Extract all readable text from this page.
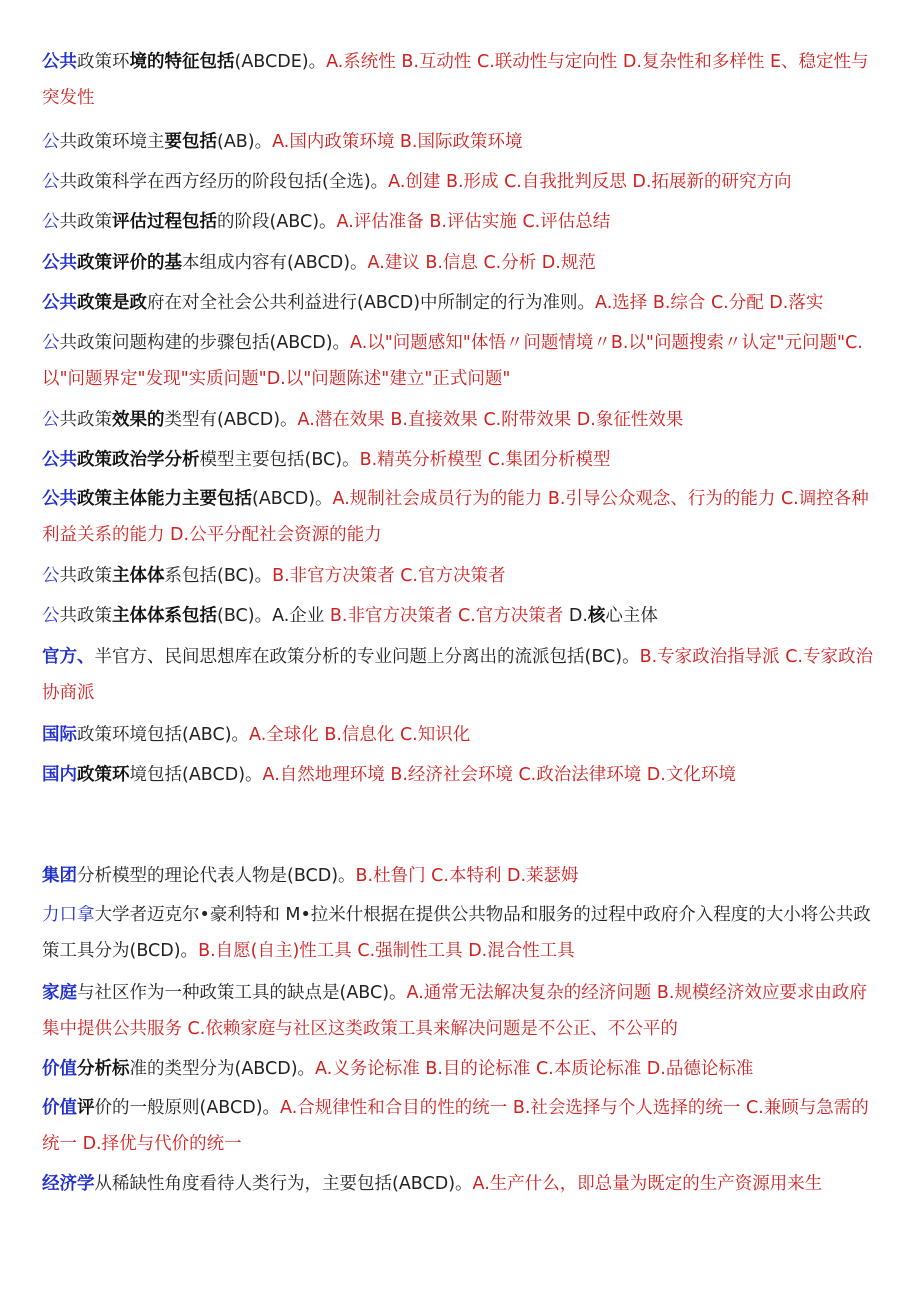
公共政策环境的特征包括(ABCDE)。A.系统性 B.互动性 C.联动性与定向性 D.复杂性和多样性 E、稳定性与突发性
公共政策环境主要包括(AB)。A.国内政策环境 B.国际政策环境
公共政策科学在西方经历的阶段包括(全选)。A.创建 B.形成 C.自我批判反思 D.拓展新的研究方向
公共政策评估过程包括的阶段(ABC)。A.评估准备 B.评估实施 C.评估总结
公共政策评价的基本组成内容有(ABCD)。A.建议 B.信息 C.分析 D.规范
公共政策是政府在对全社会公共利益进行(ABCD)中所制定的行为准则。A.选择 B.综合 C.分配 D.落实
公共政策问题构建的步骤包括(ABCD)。A.以"问题感知"体悟〃问题情境〃B.以"问题搜索〃认定"元问题"C.以"问题界定"发现"实质问题"D.以"问题陈述"建立"正式问题"
公共政策效果的类型有(ABCD)。A.潜在效果 B.直接效果 C.附带效果 D.象征性效果
公共政策政治学分析模型主要包括(BC)。B.精英分析模型 C.集团分析模型
公共政策主体能力主要包括(ABCD)。A.规制社会成员行为的能力 B.引导公众观念、行为的能力 C.调控各种利益关系的能力 D.公平分配社会资源的能力
公共政策主体体系包括(BC)。B.非官方决策者 C.官方决策者
公共政策主体体系包括(BC)。A.企业 B.非官方决策者 C.官方决策者 D.核心主体
官方、半官方、民间思想库在政策分析的专业问题上分离出的流派包括(BC)。B.专家政治指导派 C.专家政治协商派
国际政策环境包括(ABC)。A.全球化 B.信息化 C.知识化
国内政策环境包括(ABCD)。A.自然地理环境 B.经济社会环境 C.政治法律环境 D.文化环境
集团分析模型的理论代表人物是(BCD)。B.杜鲁门 C.本特利 D.莱瑟姆
力口拿大学者迈克尔•豪利特和 M•拉米什根据在提供公共物品和服务的过程中政府介入程度的大小将公共政策工具分为(BCD)。B.自愿(自主)性工具 C.强制性工具 D.混合性工具
家庭与社区作为一种政策工具的缺点是(ABC)。A.通常无法解决复杂的经济问题 B.规模经济效应要求由政府集中提供公共服务 C.依赖家庭与社区这类政策工具来解决问题是不公正、不公平的
价值分析标准的类型分为(ABCD)。A.义务论标准 B.目的论标准 C.本质论标准 D.品德论标准
价值评价的一般原则(ABCD)。A.合规律性和合目的性的统一 B.社会选择与个人选择的统一 C.兼顾与急需的统一 D.择优与代价的统一
经济学从稀缺性角度看待人类行为，主要包括(ABCD)。A.生产什么，即总量为既定的生产资源用来生
